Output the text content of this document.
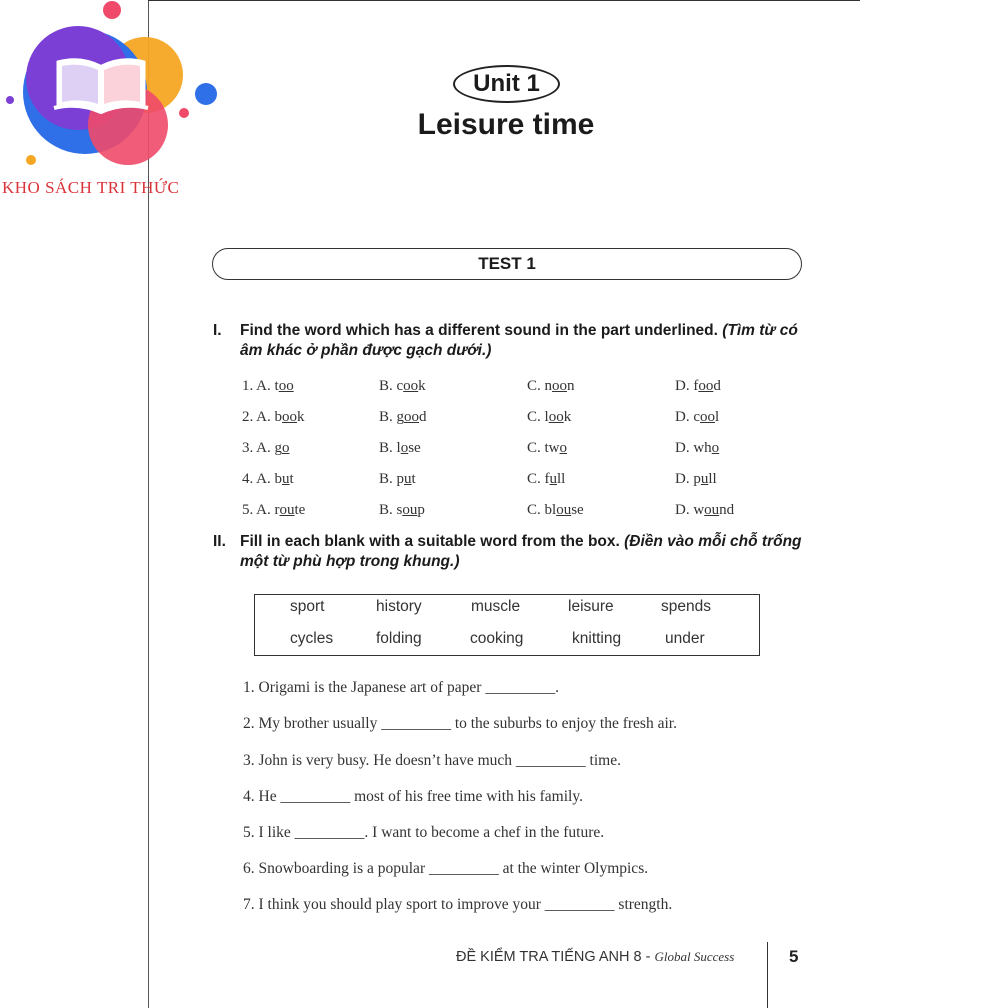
KHO SÁCH TRI THỨC
Unit 1
Leisure time
TEST 1
I. Find the word which has a different sound in the part underlined. (Tìm từ có âm khác ở phần được gạch dưới.)
1. A. too	B. cook	C. noon	D. food
2. A. book	B. good	C. look	D. cool
3. A. go	B. lose	C. two	D. who
4. A. but	B. put	C. full	D. pull
5. A. route	B. soup	C. blouse	D. wound
II. Fill in each blank with a suitable word from the box. (Điền vào mỗi chỗ trống một từ phù hợp trong khung.)
sport	history	muscle	leisure	spends
cycles	folding	cooking	knitting	under
1. Origami is the Japanese art of paper _________.
2. My brother usually _________ to the suburbs to enjoy the fresh air.
3. John is very busy. He doesn’t have much _________ time.
4. He _________ most of his free time with his family.
5. I like _________. I want to become a chef in the future.
6. Snowboarding is a popular _________ at the winter Olympics.
7. I think you should play sport to improve your _________ strength.
ĐỀ KIỂM TRA TIẾNG ANH 8 - Global Success	5
